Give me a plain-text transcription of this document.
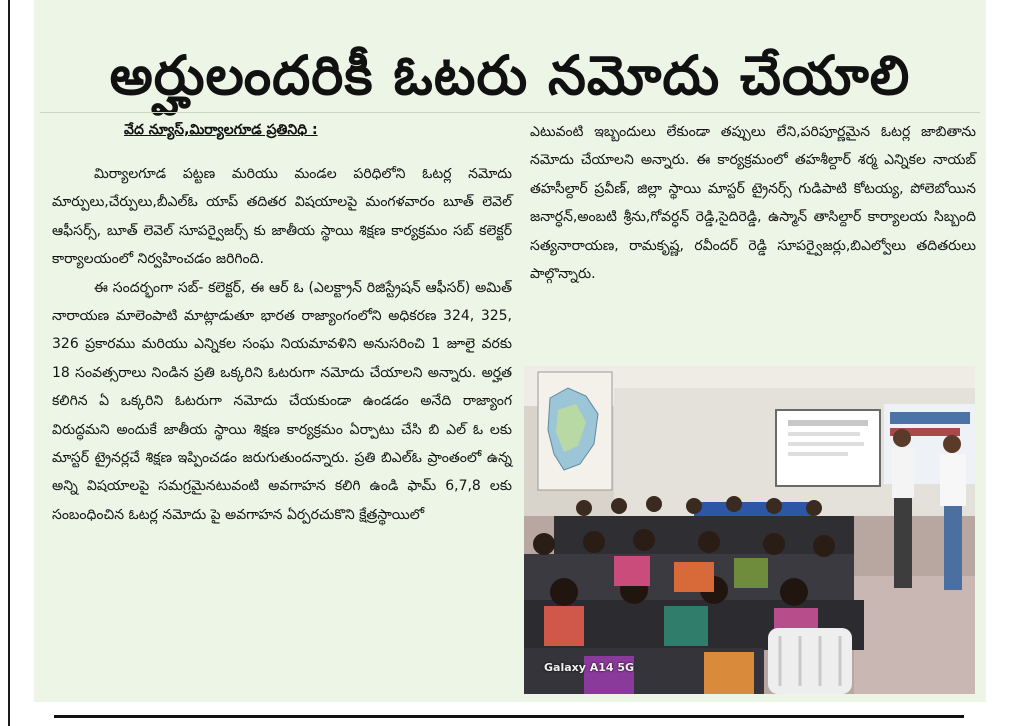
అర్హులందరికీ ఓటరు నమోదు చేయాలి
వేద న్యూస్,మిర్యాలగూడ ప్రతినిధి :

మిర్యాలగూడ పట్టణ మరియు మండల పరిధిలోని ఓటర్ల నమోదు మార్పులు,చేర్పులు,బీఎల్ఓ యాప్ తదితర విషయాలపై మంగళవారం బూత్ లెవెల్ ఆఫీసర్స్, బూత్ లెవెల్ సూపర్వైజర్స్ కు జాతీయ స్థాయి శిక్షణ కార్యక్రమం సబ్ కలెక్టర్ కార్యాలయంలో నిర్వహించడం జరిగింది.

ఈ సందర్భంగా సబ్- కలెక్టర్, ఈ ఆర్ ఓ (ఎలక్ట్రాన్ రిజిస్ట్రేషన్ ఆఫీసర్) అమిత్ నారాయణ మాలెంపాటి మాట్లాడుతూ భారత రాజ్యాంగంలోని అధికరణ 324, 325, 326 ప్రకారము మరియు ఎన్నికల సంఘ నియమావళిని అనుసరించి 1 జూలై వరకు 18 సంవత్సరాలు నిండిన ప్రతి ఒక్కరిని ఓటరుగా నమోదు చేయాలని అన్నారు. అర్హత కలిగిన ఏ ఒక్కరిని ఓటరుగా నమోదు చేయకుండా ఉండడం అనేది రాజ్యాంగ విరుద్ధమని అందుకే జాతీయ స్థాయి శిక్షణ కార్యక్రమం ఏర్పాటు చేసి బి ఎల్ ఓ లకు మాస్టర్ ట్రైనర్లచే శిక్షణ ఇప్పించడం జరుగుతుందన్నారు. ప్రతి బిఎల్ఓ ప్రాంతంలో ఉన్న అన్ని విషయాలపై సమగ్రమైనటువంటి అవగాహన కలిగి ఉండి ఫామ్ 6,7,8 లకు సంబంధించిన ఓటర్ల నమోదు పై అవగాహన ఏర్పరచుకొని క్షేత్రస్థాయిలో

ఎటువంటి ఇబ్బందులు లేకుండా తప్పులు లేని,పరిపూర్ణమైన ఓటర్ల జాబితాను నమోదు చేయాలని అన్నారు. ఈ కార్యక్రమంలో తహశీల్దార్ శర్మ ఎన్నికల నాయబ్ తహసీల్దార్ ప్రవీణ్, జిల్లా స్థాయి మాస్టర్ ట్రైనర్స్ గుడిపాటి కోటయ్య, పోలెబోయిన జనార్ధన్,అంబటి శ్రీను,గోవర్ధన్ రెడ్డి,సైదిరెడ్డి, ఉస్మాన్ తాసిల్దార్ కార్యాలయ సిబ్బంది సత్యనారాయణ, రామకృష్ణ, రవీందర్ రెడ్డి సూపర్వైజర్లు,బిఎల్వోలు తదితరులు పాల్గొన్నారు.

Galaxy A14 5G
